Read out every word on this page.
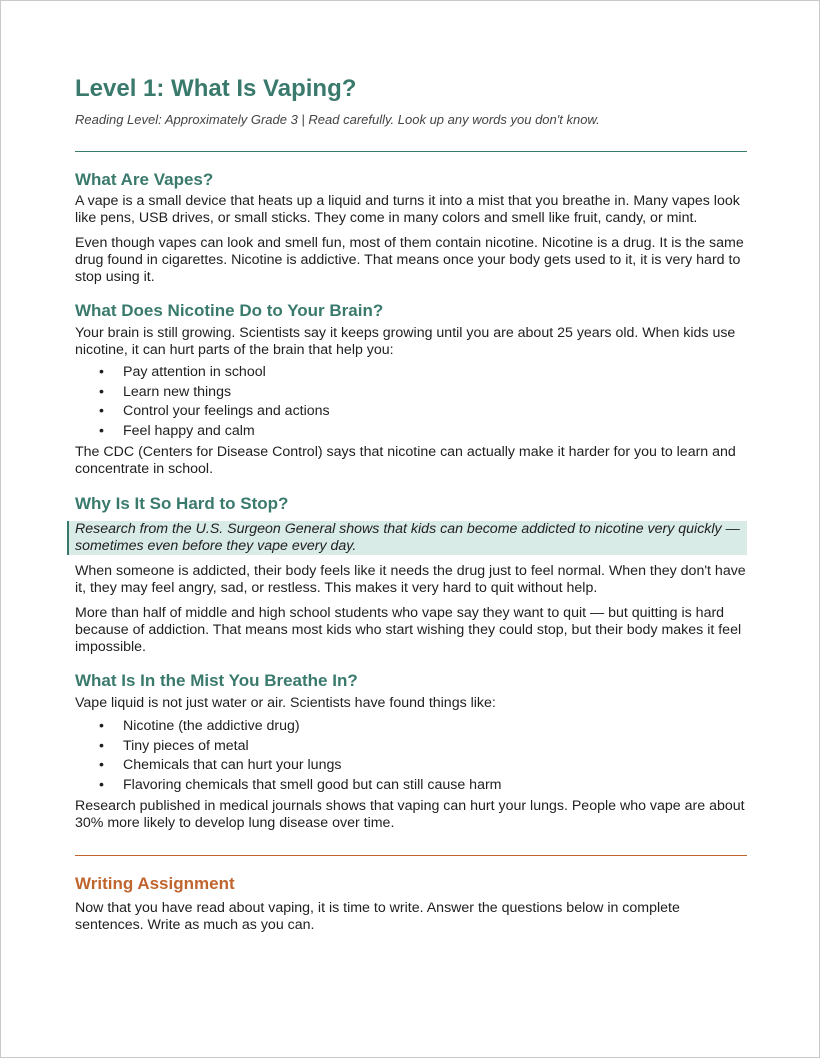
Level 1: What Is Vaping?

Reading Level: Approximately Grade 3 | Read carefully. Look up any words you don't know.

What Are Vapes?

A vape is a small device that heats up a liquid and turns it into a mist that you breathe in. Many vapes look like pens, USB drives, or small sticks. They come in many colors and smell like fruit, candy, or mint.

Even though vapes can look and smell fun, most of them contain nicotine. Nicotine is a drug. It is the same drug found in cigarettes. Nicotine is addictive. That means once your body gets used to it, it is very hard to stop using it.

What Does Nicotine Do to Your Brain?

Your brain is still growing. Scientists say it keeps growing until you are about 25 years old. When kids use nicotine, it can hurt parts of the brain that help you:

• Pay attention in school
• Learn new things
• Control your feelings and actions
• Feel happy and calm

The CDC (Centers for Disease Control) says that nicotine can actually make it harder for you to learn and concentrate in school.

Why Is It So Hard to Stop?
Research from the U.S. Surgeon General shows that kids can become addicted to nicotine very quickly — sometimes even before they vape every day.

When someone is addicted, their body feels like it needs the drug just to feel normal. When they don't have it, they may feel angry, sad, or restless. This makes it very hard to quit without help.

More than half of middle and high school students who vape say they want to quit — but quitting is hard because of addiction. That means most kids who start wishing they could stop, but their body makes it feel impossible.

What Is In the Mist You Breathe In?

Vape liquid is not just water or air. Scientists have found things like:

• Nicotine (the addictive drug)
• Tiny pieces of metal
• Chemicals that can hurt your lungs
• Flavoring chemicals that smell good but can still cause harm

Research published in medical journals shows that vaping can hurt your lungs. People who vape are about 30% more likely to develop lung disease over time.

Writing Assignment

Now that you have read about vaping, it is time to write. Answer the questions below in complete sentences. Write as much as you can.
